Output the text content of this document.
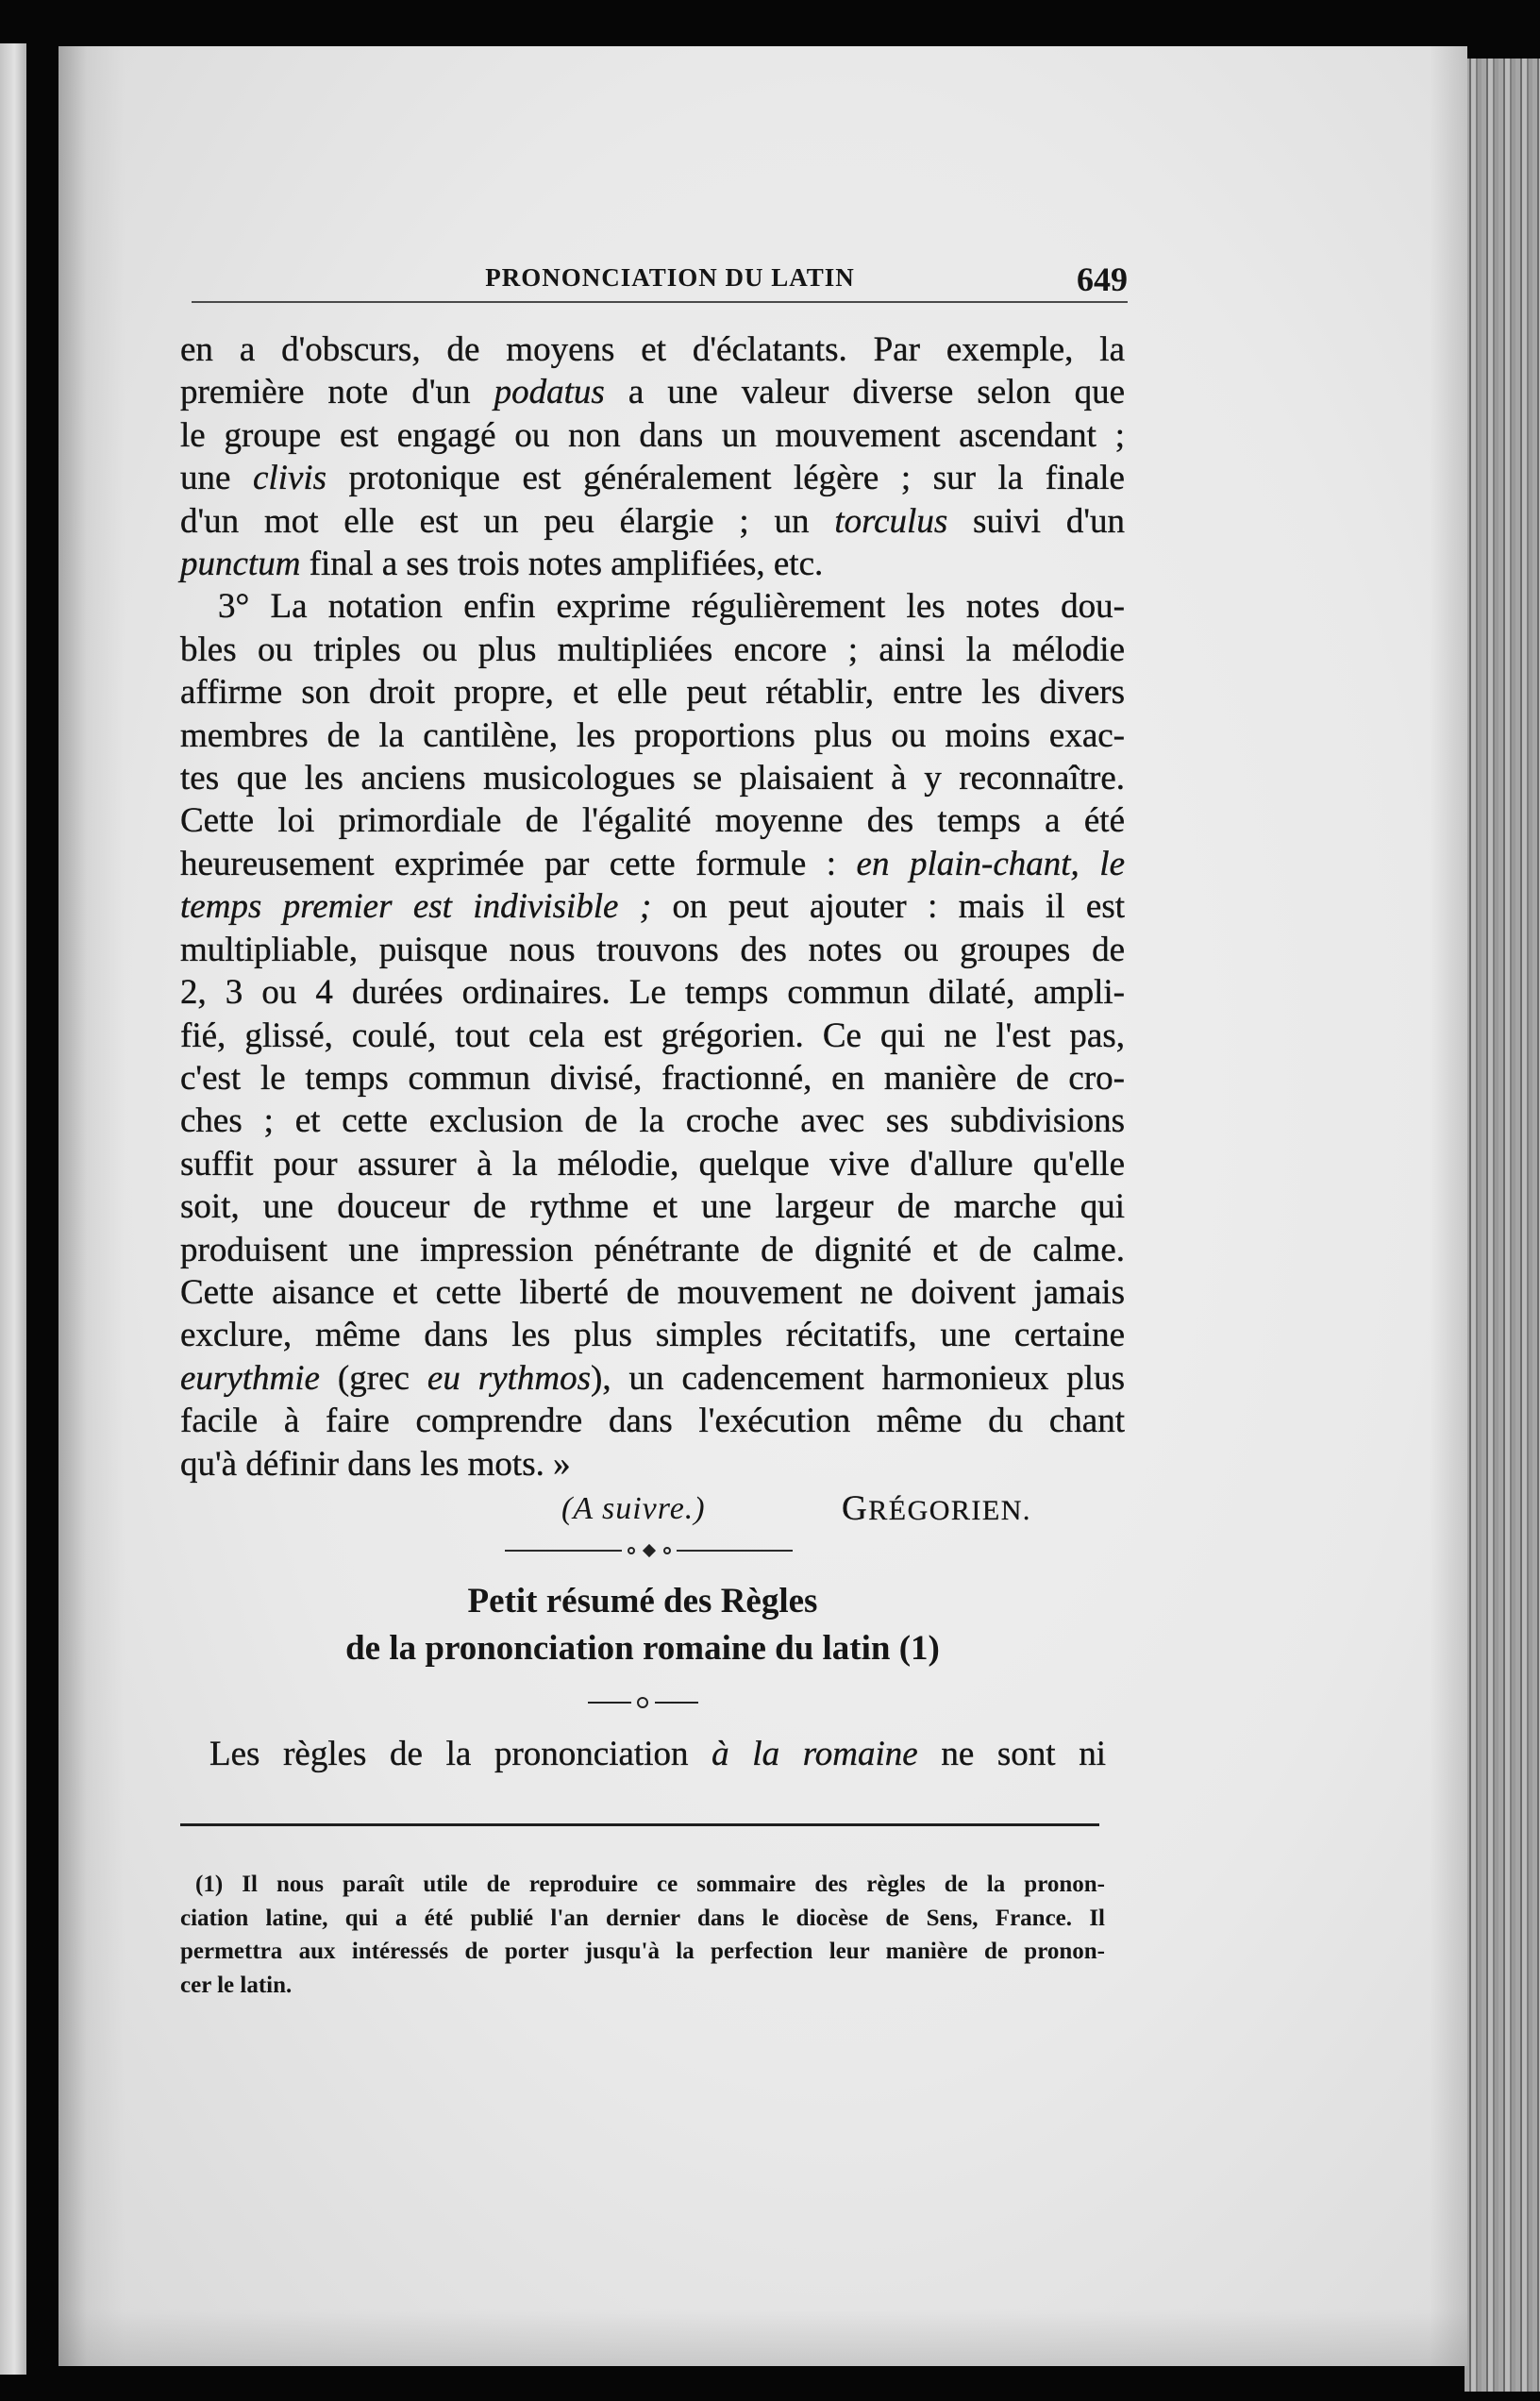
PRONONCIATION DU LATIN	649
en a d'obscurs, de moyens et d'éclatants. Par exemple, la
première note d'un podatus a une valeur diverse selon que
le groupe est engagé ou non dans un mouvement ascendant ;
une clivis protonique est généralement légère ; sur la finale
d'un mot elle est un peu élargie ; un torculus suivi d'un
punctum final a ses trois notes amplifiées, etc.
3° La notation enfin exprime régulièrement les notes dou-
bles ou triples ou plus multipliées encore ; ainsi la mélodie
affirme son droit propre, et elle peut rétablir, entre les divers
membres de la cantilène, les proportions plus ou moins exac-
tes que les anciens musicologues se plaisaient à y reconnaître.
Cette loi primordiale de l'égalité moyenne des temps a été
heureusement exprimée par cette formule : en plain-chant, le
temps premier est indivisible ; on peut ajouter : mais il est
multipliable, puisque nous trouvons des notes ou groupes de
2, 3 ou 4 durées ordinaires. Le temps commun dilaté, ampli-
fié, glissé, coulé, tout cela est grégorien. Ce qui ne l'est pas,
c'est le temps commun divisé, fractionné, en manière de cro-
ches ; et cette exclusion de la croche avec ses subdivisions
suffit pour assurer à la mélodie, quelque vive d'allure qu'elle
soit, une douceur de rythme et une largeur de marche qui
produisent une impression pénétrante de dignité et de calme.
Cette aisance et cette liberté de mouvement ne doivent jamais
exclure, même dans les plus simples récitatifs, une certaine
eurythmie (grec eu rythmos), un cadencement harmonieux plus
facile à faire comprendre dans l'exécution même du chant
qu'à définir dans les mots. »
(A suivre.)	GRÉGORIEN.
Petit résumé des Règles
de la prononciation romaine du latin (1)
Les règles de la prononciation à la romaine ne sont ni
(1) Il nous paraît utile de reproduire ce sommaire des règles de la pronon-
ciation latine, qui a été publié l'an dernier dans le diocèse de Sens, France. Il
permettra aux intéressés de porter jusqu'à la perfection leur manière de pronon-
cer le latin.
